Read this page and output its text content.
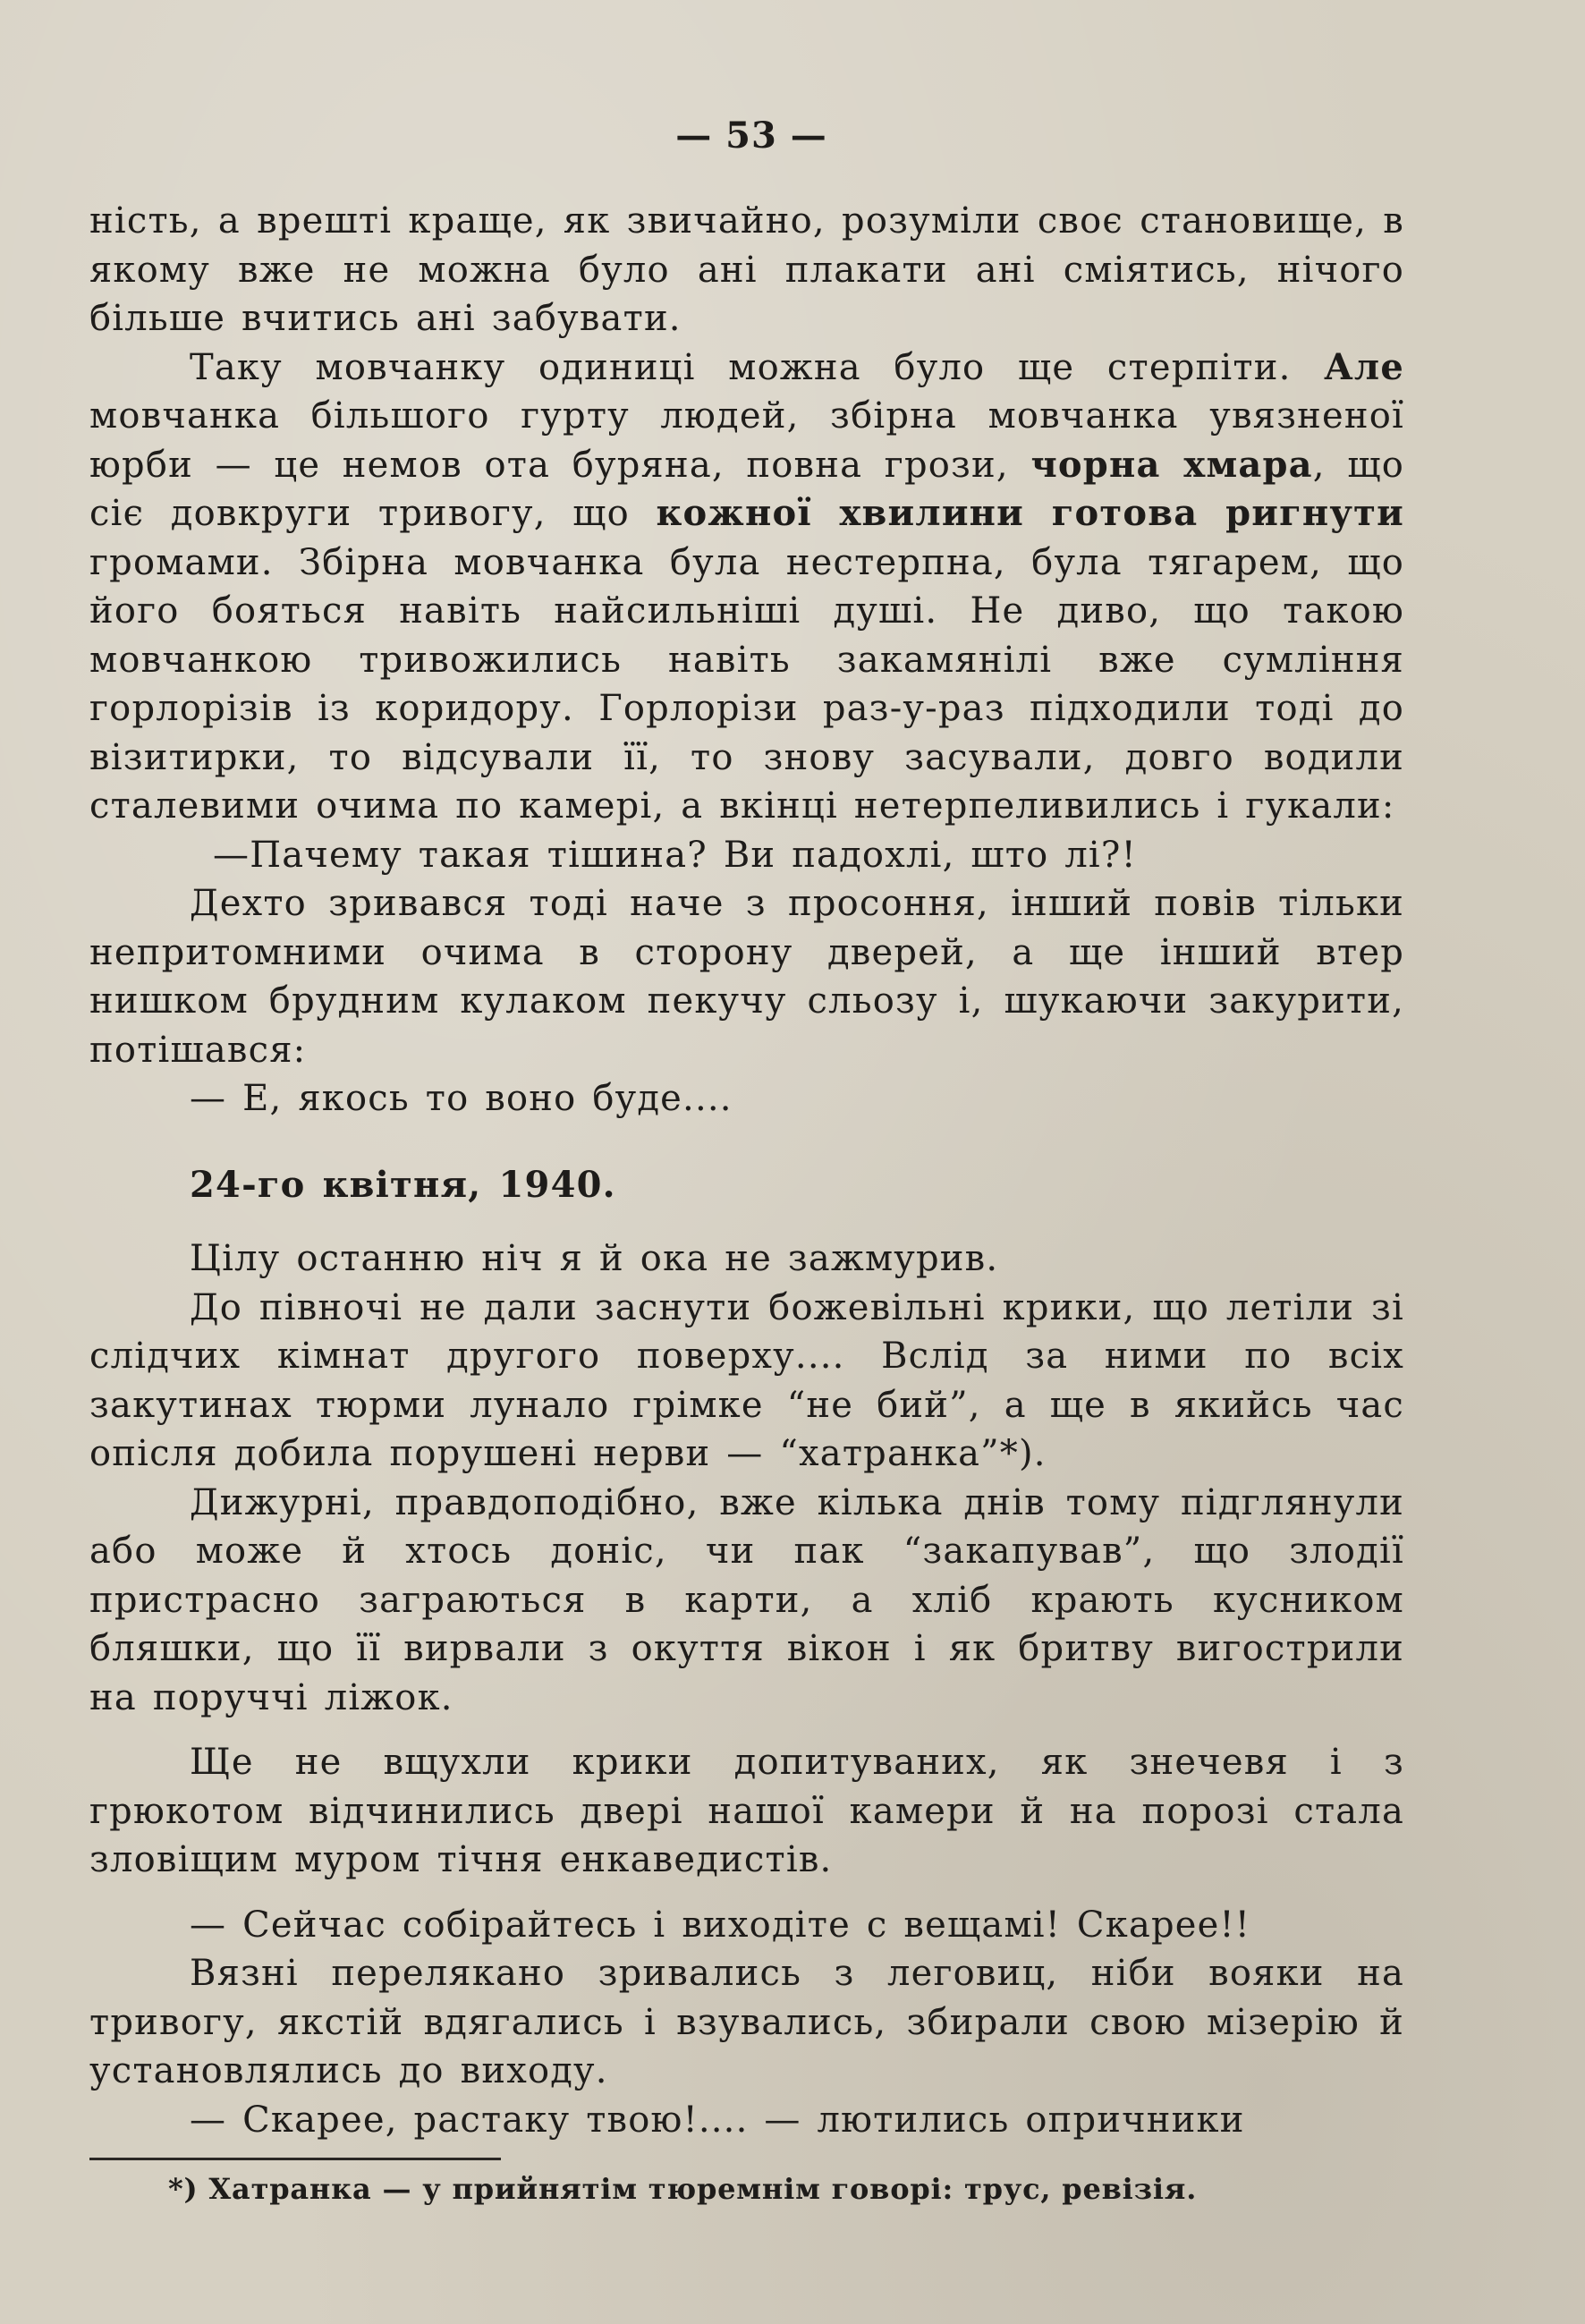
— 53 —

ність, а врешті краще, як звичайно, розуміли своє становище, в якому вже не можна було ані плакати ані сміятись, нічого більше вчитись ані забувати.

Таку мовчанку одиниці можна було ще стерпіти. Але мовчанка більшого гурту людей, збірна мовчанка увязненої юрби — це немов ота буряна, повна грози, чорна хмара, що сіє довкруги тривогу, що кожної хвилини готова ригнути громами. Збірна мовчанка була нестерпна, була тягарем, що його бояться навіть найсильніші душі. Не диво, що такою мовчанкою тривожились навіть закамянілі вже сумління горлорізів із коридору. Горлорізи раз-у-раз підходили тоді до візитирки, то відсували її, то знову засували, довго водили сталевими очима по камері, а вкінці нетерпеливились і гукали:

—Пачему такая тішина? Ви падохлі, што лі?!

Дехто зривався тоді наче з просоння, інший повів тільки непритомними очима в сторону дверей, а ще інший втер нишком брудним кулаком пекучу сльозу і, шукаючи закурити, потішався:

— Е, якось то воно буде....

24-го квітня, 1940.

Цілу останню ніч я й ока не зажмурив.

До півночі не дали заснути божевільні крики, що летіли зі слідчих кімнат другого поверху.... Вслід за ними по всіх закутинах тюрми лунало грімке “не бий”, а ще в якийсь час опісля добила порушені нерви — “хатранка”*).

Дижурні, правдоподібно, вже кілька днів тому підглянули або може й хтось доніс, чи пак “закапував”, що злодії пристрасно заграються в карти, а хліб крають кусником бляшки, що її вирвали з окуття вікон і як бритву вигострили на поруччі ліжок.

Ще не вщухли крики допитуваних, як знечевя і з грюкотом відчинились двері нашої камери й на порозі стала зловіщим муром тічня енкаведистів.

— Сейчас собірайтесь і виходіте с вещамі! Скарее!!

Вязні переляканo зривались з леговиц, ніби вояки на тривогу, якстій вдягались і взувались, збирали свою мізерію й установлялись до виходу.

— Скарее, растаку твою!.... — лютились опричники

*) Хатранка — у прийнятім тюремнім говорі: трус, ревізія.
